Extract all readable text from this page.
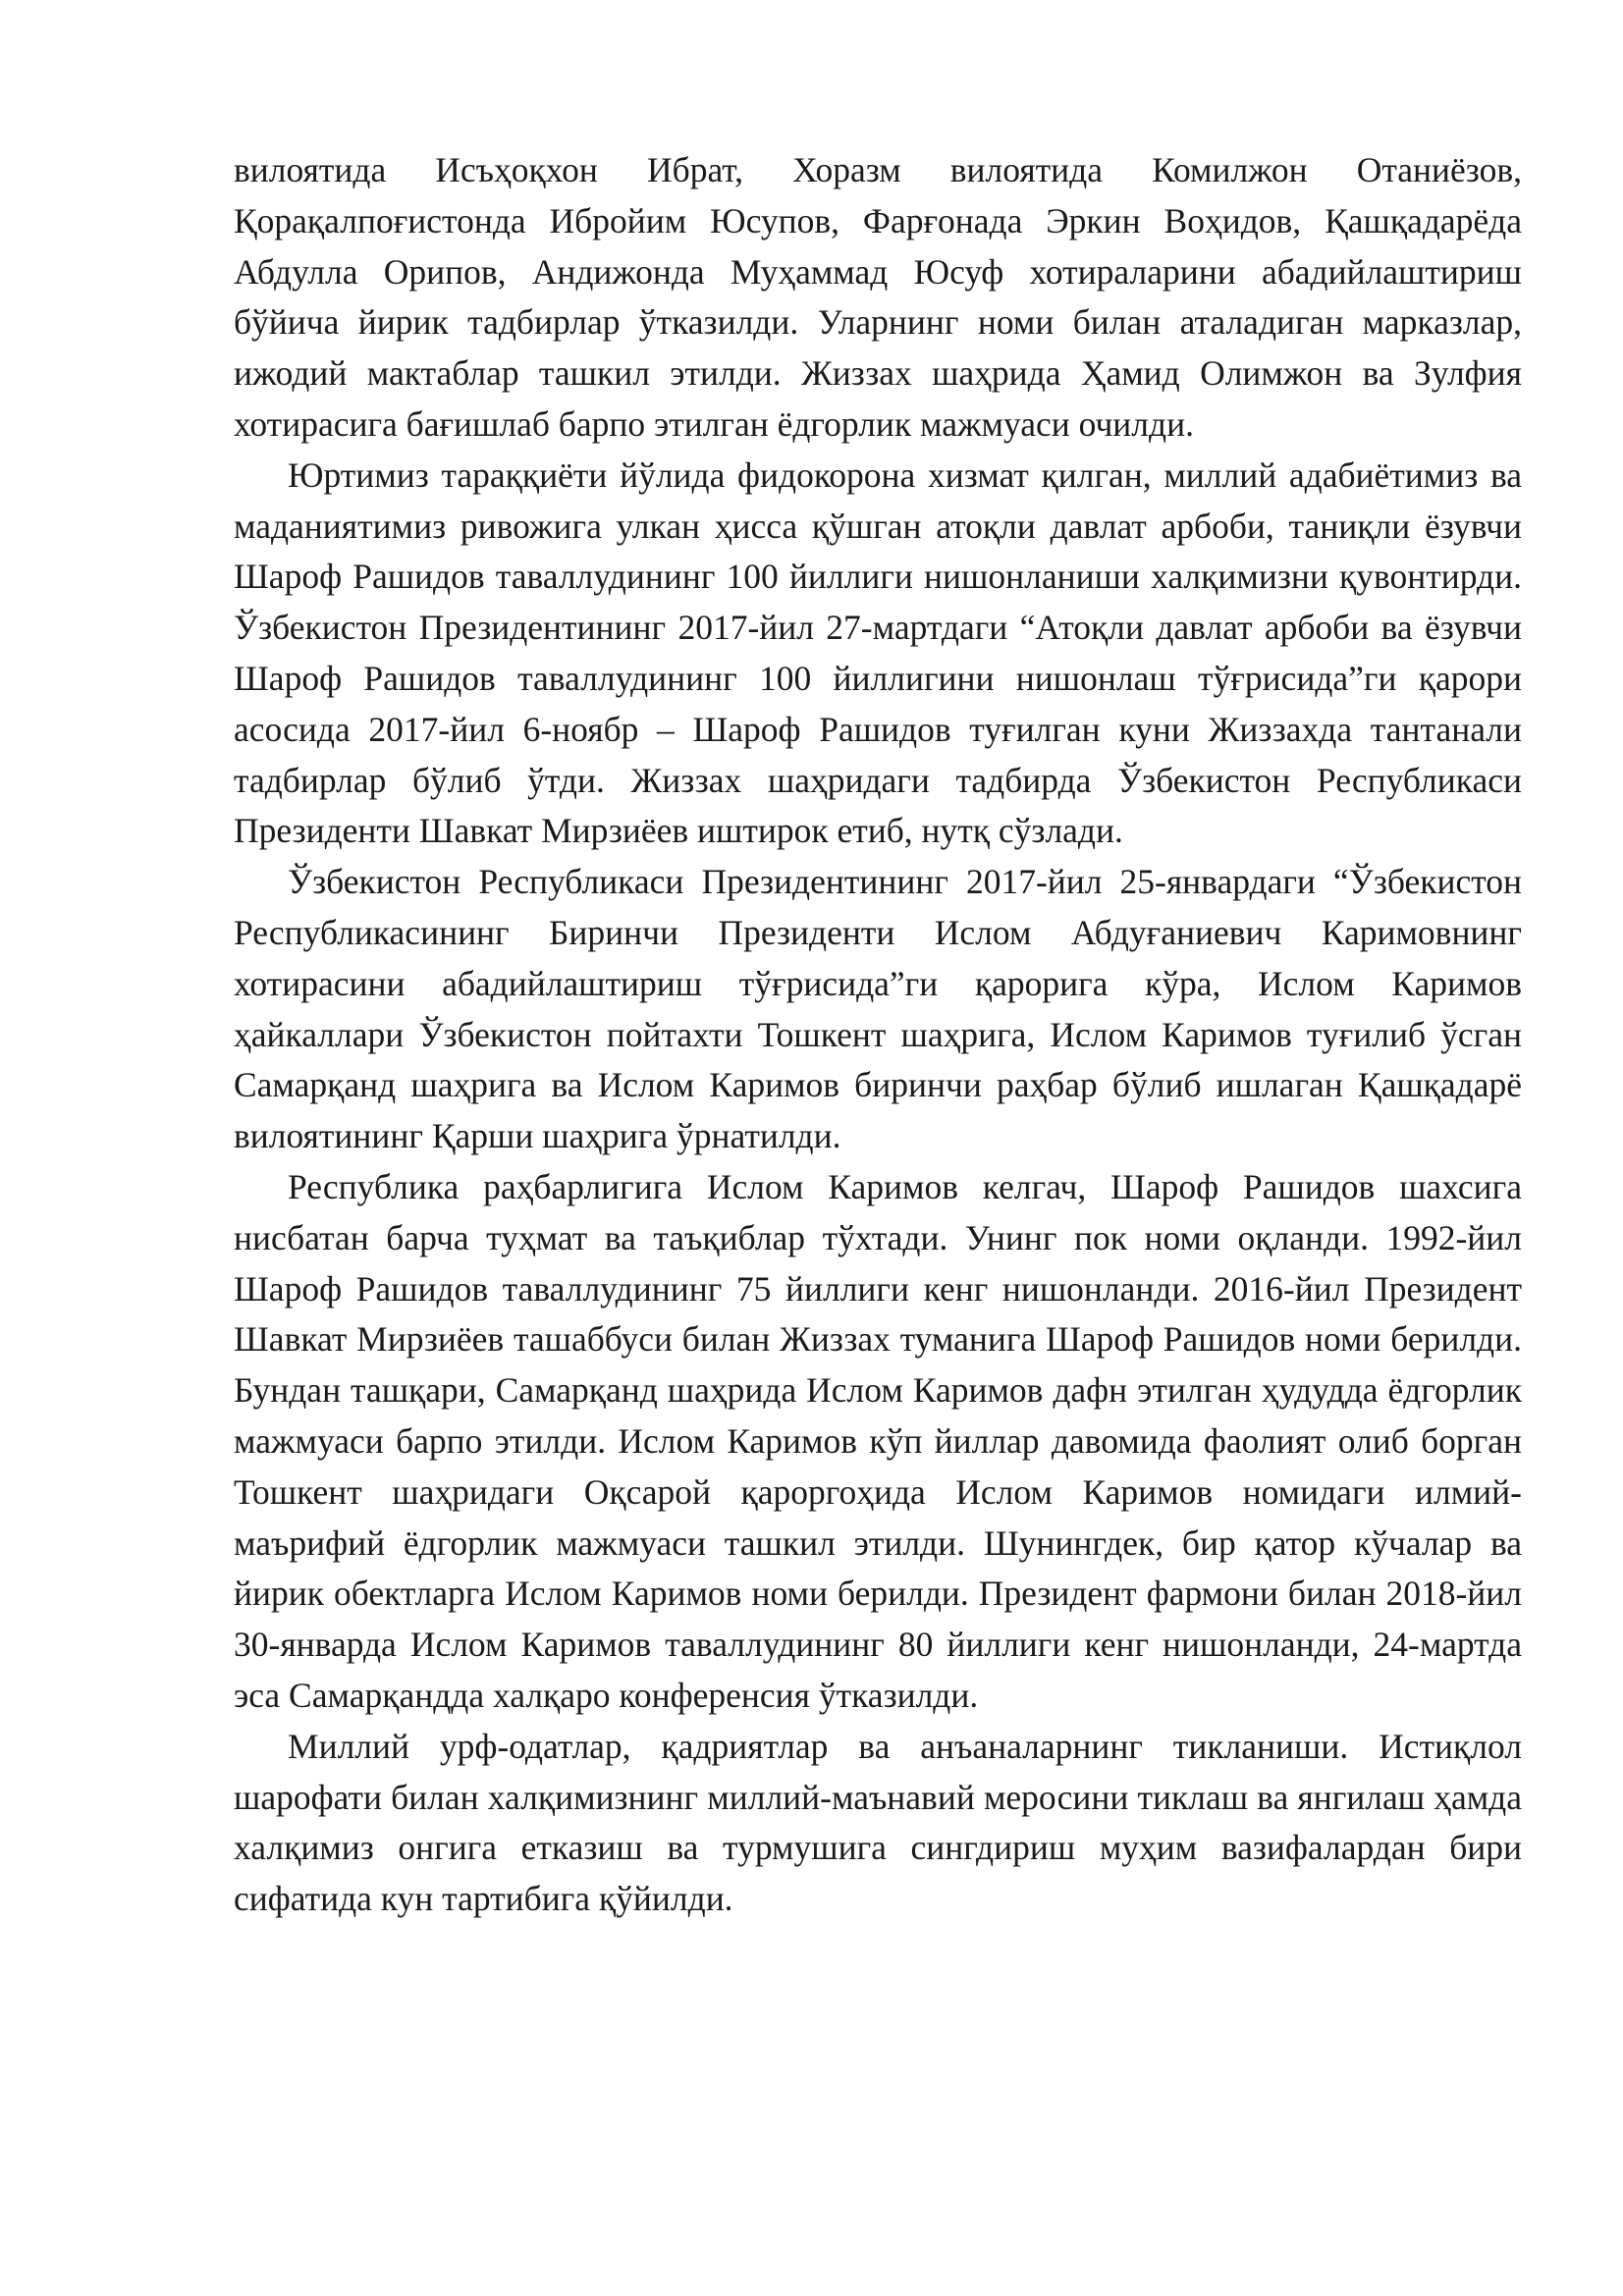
вилоятида Исъҳоқхон Ибрат, Хоразм вилоятида Комилжон Отаниёзов, Қорақалпоғистонда Ибройим Юсупов, Фарғонада Эркин Воҳидов, Қашқадарёда Абдулла Орипов, Андижонда Муҳаммад Юсуф хотираларини абадийлаштириш бўйича йирик тадбирлар ўтказилди. Уларнинг номи билан аталадиган марказлар, ижодий мактаблар ташкил этилди. Жиззах шаҳрида Ҳамид Олимжон ва Зулфия хотирасига бағишлаб барпо этилган ёдгорлик мажмуаси очилди.

Юртимиз тараққиёти йўлида фидокорона хизмат қилган, миллий адабиётимиз ва маданиятимиз ривожига улкан ҳисса қўшган атоқли давлат арбоби, таниқли ёзувчи Шароф Рашидов таваллудининг 100 йиллиги нишонланиши халқимизни қувонтирди. Ўзбекистон Президентининг 2017-йил 27-мартдаги “Атоқли давлат арбоби ва ёзувчи Шароф Рашидов таваллудининг 100 йиллигини нишонлаш тўғрисида”ги қарори асосида 2017-йил 6-ноябр – Шароф Рашидов туғилган куни Жиззахда тантанали тадбирлар бўлиб ўтди. Жиззах шаҳридаги тадбирда Ўзбекистон Республикаси Президенти Шавкат Мирзиёев иштирок етиб, нутқ сўзлади.

Ўзбекистон Республикаси Президентининг 2017-йил 25-январдаги “Ўзбекистон Республикасининг Биринчи Президенти Ислом Абдуғаниевич Каримовнинг хотирасини абадийлаштириш тўғрисида”ги қарорига кўра, Ислом Каримов ҳайкаллари Ўзбекистон пойтахти Тошкент шаҳрига, Ислом Каримов туғилиб ўсган Самарқанд шаҳрига ва Ислом Каримов биринчи раҳбар бўлиб ишлаган Қашқадарё вилоятининг Қарши шаҳрига ўрнатилди.

Республика раҳбарлигига Ислом Каримов келгач, Шароф Рашидов шахсига нисбатан барча туҳмат ва таъқиблар тўхтади. Унинг пок номи оқланди. 1992-йил Шароф Рашидов таваллудининг 75 йиллиги кенг нишонланди. 2016-йил Президент Шавкат Мирзиёев ташаббуси билан Жиззах туманига Шароф Рашидов номи берилди. Бундан ташқари, Самарқанд шаҳрида Ислом Каримов дафн этилган ҳудудда ёдгорлик мажмуаси барпо этилди. Ислом Каримов кўп йиллар давомида фаолият олиб борган Тошкент шаҳридаги Оқсарой қароргоҳида Ислом Каримов номидаги илмий-маърифий ёдгорлик мажмуаси ташкил этилди. Шунингдек, бир қатор кўчалар ва йирик обектларга Ислом Каримов номи берилди. Президент фармони билан 2018-йил 30-январда Ислом Каримов таваллудининг 80 йиллиги кенг нишонланди, 24-мартда эса Самарқандда халқаро конференсия ўтказилди.

Миллий урф-одатлар, қадриятлар ва анъаналарнинг тикланиши. Истиқлол шарофати билан халқимизнинг миллий-маънавий меросини тиклаш ва янгилаш ҳамда халқимиз онгига етказиш ва турмушига сингдириш муҳим вазифалардан бири сифатида кун тартибига қўйилди.
